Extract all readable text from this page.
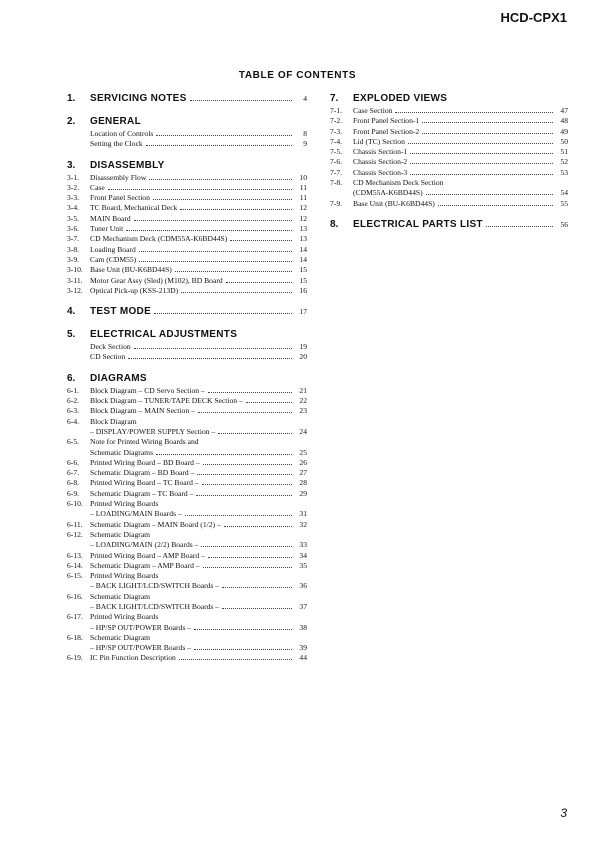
HCD-CPX1
TABLE OF CONTENTS
1.	SERVICING NOTES	4
2.	GENERAL
Location of Controls	8
Setting the Clock	9
3.	DISASSEMBLY
3-1.	Disassembly Flow	10
3-2.	Case	11
3-3.	Front Panel Section	11
3-4.	TC Board, Mechanical Deck	12
3-5.	MAIN Board	12
3-6.	Tuner Unit	13
3-7.	CD Mechanism Deck (CDM55A-K6BD44S)	13
3-8.	Loading Board	14
3-9.	Cam (CDM55)	14
3-10. Base Unit (BU-K6BD44S)	15
3-11. Motor Gear Assy (Sled) (M102), BD Board	15
3-12. Optical Pick-up (KSS-213D)	16
4.	TEST MODE	17
5.	ELECTRICAL ADJUSTMENTS
Deck Section	19
CD Section	20
6.	DIAGRAMS
6-1.	Block Diagram – CD Servo Section –	21
6-2.	Block Diagram – TUNER/TAPE DECK Section –	22
6-3.	Block Diagram – MAIN Section –	23
6-4.	Block Diagram
– DISPLAY/POWER SUPPLY Section –	24
6-5.	Note for Printed Wiring Boards and
Schematic Diagrams	25
6-6.	Printed Wiring Board – BD Board –	26
6-7.	Schematic Diagram – BD Board –	27
6-8.	Printed Wiring Board – TC Board –	28
6-9.	Schematic Diagram – TC Board –	29
6-10. Printed Wiring Boards
– LOADING/MAIN Boards –	31
6-11. Schematic Diagram – MAIN Board (1/2) –	32
6-12. Schematic Diagram
– LOADING/MAIN (2/2) Boards –	33
6-13. Printed Wiring Board – AMP Board –	34
6-14. Schematic Diagram – AMP Board –	35
6-15. Printed Wiring Boards
– BACK LIGHT/LCD/SWITCH Boards –	36
6-16. Schematic Diagram
– BACK LIGHT/LCD/SWITCH Boards –	37
6-17. Printed Wiring Boards
– HP/SP OUT/POWER Boards –	38
6-18. Schematic Diagram
– HP/SP OUT/POWER Boards –	39
6-19. IC Pin Function Description	44
7.	EXPLODED VIEWS
7-1.	Case Section	47
7-2.	Front Panel Section-1	48
7-3.	Front Panel Section-2	49
7-4.	Lid (TC) Section	50
7-5.	Chassis Section-1	51
7-6.	Chassis Section-2	52
7-7.	Chassis Section-3	53
7-8.	CD Mechanism Deck Section
(CDM55A-K6BD44S)	54
7-9.	Base Unit (BU-K6BD44S)	55
8.	ELECTRICAL PARTS LIST	56
3
